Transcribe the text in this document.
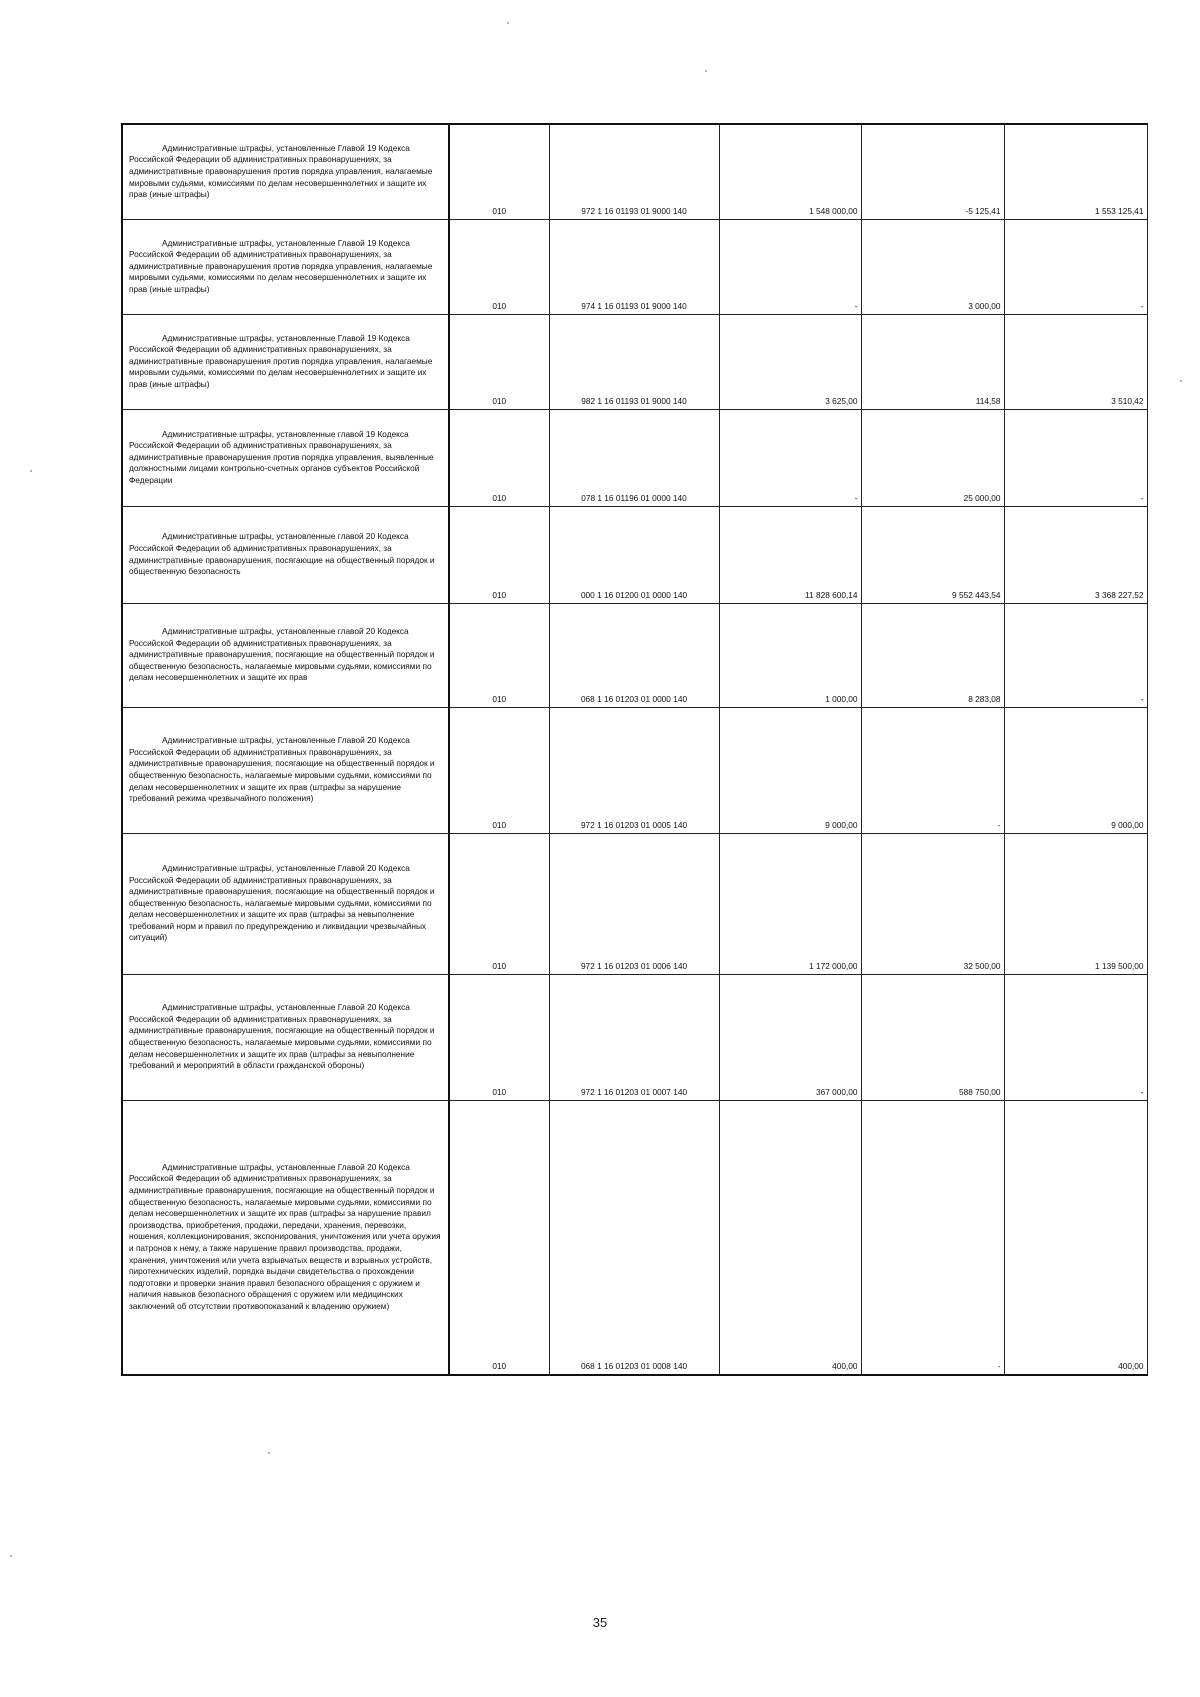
Административные штрафы, установленные Главой 19 Кодекса Российской Федерации об административных правонарушениях, за административные правонарушения против порядка управления, налагаемые мировыми судьями, комиссиями по делам несовершеннолетних и защите их прав (иные штрафы)	010	972 1 16 01193 01 9000 140	1 548 000,00	-5 125,41	1 553 125,41

Административные штрафы, установленные Главой 19 Кодекса Российской Федерации об административных правонарушениях, за административные правонарушения против порядка управления, налагаемые мировыми судьями, комиссиями по делам несовершеннолетних и защите их прав (иные штрафы)	010	974 1 16 01193 01 9000 140	-	3 000,00	-

Административные штрафы, установленные Главой 19 Кодекса Российской Федерации об административных правонарушениях, за административные правонарушения против порядка управления, налагаемые мировыми судьями, комиссиями по делам несовершеннолетних и защите их прав (иные штрафы)	010	982 1 16 01193 01 9000 140	3 625,00	114,58	3 510,42

Административные штрафы, установленные главой 19 Кодекса Российской Федерации об административных правонарушениях, за административные правонарушения против порядка управления, выявленные должностными лицами контрольно-счетных органов субъектов Российской Федерации	010	078 1 16 01196 01 0000 140	-	25 000,00	-

Административные штрафы, установленные главой 20 Кодекса Российской Федерации об административных правонарушениях, за административные правонарушения, посягающие на общественный порядок и общественную безопасность	010	000 1 16 01200 01 0000 140	11 828 600,14	9 552 443,54	3 368 227,52

Административные штрафы, установленные главой 20 Кодекса Российской Федерации об административных правонарушениях, за административные правонарушения, посягающие на общественный порядок и общественную безопасность, налагаемые мировыми судьями, комиссиями по делам несовершеннолетних и защите их прав	010	068 1 16 01203 01 0000 140	1 000,00	8 283,08	-

Административные штрафы, установленные Главой 20 Кодекса Российской Федерации об административных правонарушениях, за административные правонарушения, посягающие на общественный порядок и общественную безопасность, налагаемые мировыми судьями, комиссиями по делам несовершеннолетних и защите их прав (штрафы за нарушение требований режима чрезвычайного положения)	010	972 1 16 01203 01 0005 140	9 000,00	-	9 000,00

Административные штрафы, установленные Главой 20 Кодекса Российской Федерации об административных правонарушениях, за административные правонарушения, посягающие на общественный порядок и общественную безопасность, налагаемые мировыми судьями, комиссиями по делам несовершеннолетних и защите их прав (штрафы за невыполнение требований норм и правил по предупреждению и ликвидации чрезвычайных ситуаций)	010	972 1 16 01203 01 0006 140	1 172 000,00	32 500,00	1 139 500,00

Административные штрафы, установленные Главой 20 Кодекса Российской Федерации об административных правонарушениях, за административные правонарушения, посягающие на общественный порядок и общественную безопасность, налагаемые мировыми судьями, комиссиями по делам несовершеннолетних и защите их прав (штрафы за невыполнение требований и мероприятий в области гражданской обороны)	010	972 1 16 01203 01 0007 140	367 000,00	588 750,00	-

Административные штрафы, установленные Главой 20 Кодекса Российской Федерации об административных правонарушениях, за административные правонарушения, посягающие на общественный порядок и общественную безопасность, налагаемые мировыми судьями, комиссиями по делам несовершеннолетних и защите их прав (штрафы за нарушение правил производства, приобретения, продажи, передачи, хранения, перевозки, ношения, коллекционирования, экспонирования, уничтожения или учета оружия и патронов к нему, а также нарушение правил производства, продажи, хранения, уничтожения или учета взрывчатых веществ и взрывных устройств, пиротехнических изделий, порядка выдачи свидетельства о прохождении подготовки и проверки знания правил безопасного обращения с оружием и наличия навыков безопасного обращения с оружием или медицинских заключений об отсутствии противопоказаний к владению оружием)	010	068 1 16 01203 01 0008 140	400,00	-	400,00
35
